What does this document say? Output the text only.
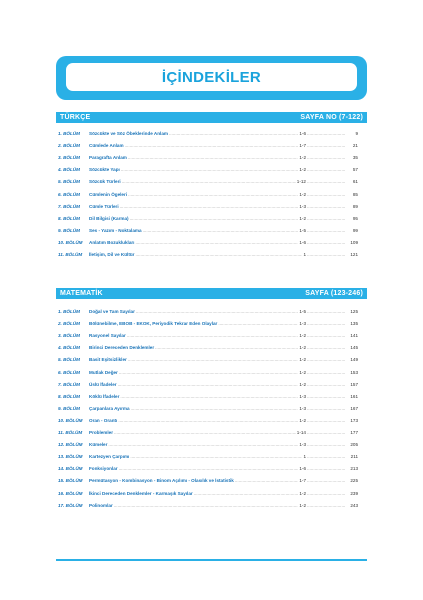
İÇİNDEKİLER
TÜRKÇE	SAYFA NO (7-122)
1. BÖLÜM	Sözcükte ve Söz Öbeklerinde Anlam .....	1-6 .....	9
2. BÖLÜM	Cümlede Anlam .....	1-7 .....	21
3. BÖLÜM	Paragrafta Anlam .....	1-2 .....	35
4. BÖLÜM	Sözcükte Yapı .....	1-2 .....	57
5. BÖLÜM	Sözcük Türleri .....	1-12 .....	61
6. BÖLÜM	Cümlenin Ögeleri .....	1-2 .....	85
7. BÖLÜM	Cümle Türleri .....	1-3 .....	89
8. BÖLÜM	Dil Bilgisi (Karma) .....	1-2 .....	95
9. BÖLÜM	Ses - Yazım - Noktalama .....	1-5 .....	99
10. BÖLÜM	Anlatım Bozuklukları .....	1-6 .....	109
11. BÖLÜM	İletişim, Dil ve Kültür .....	1 .....	121
MATEMATİK	SAYFA (123-246)
1. BÖLÜM	Doğal ve Tam Sayılar .....	1-5 .....	125
2. BÖLÜM	Bölünebilme, EBOB - EKOK, Periyodik Tekrar Eden Olaylar .....	1-3 .....	135
3. BÖLÜM	Rasyonel Sayılar .....	1-2 .....	141
4. BÖLÜM	Birinci Dereceden Denklemler .....	1-2 .....	145
5. BÖLÜM	Basit Eşitsizlikler .....	1-2 .....	149
6. BÖLÜM	Mutlak Değer .....	1-2 .....	153
7. BÖLÜM	Üslü İfadeler .....	1-2 .....	157
8. BÖLÜM	Köklü İfadeler .....	1-3 .....	161
9. BÖLÜM	Çarpanlara Ayırma .....	1-3 .....	167
10. BÖLÜM	Oran - Orantı .....	1-2 .....	173
11. BÖLÜM	Problemler .....	1-14 .....	177
12. BÖLÜM	Kümeler .....	1-3 .....	205
13. BÖLÜM	Kartezyen Çarpımı .....	1 .....	211
14. BÖLÜM	Fonksiyonlar .....	1-6 .....	213
15. BÖLÜM	Permütasyon - Kombinasyon - Binom Açılımı - Olasılık ve İstatistik .....	1-7 .....	225
16. BÖLÜM	İkinci Dereceden Denklemler - Karmaşık Sayılar .....	1-2 .....	239
17. BÖLÜM	Polinomlar .....	1-2 .....	243
